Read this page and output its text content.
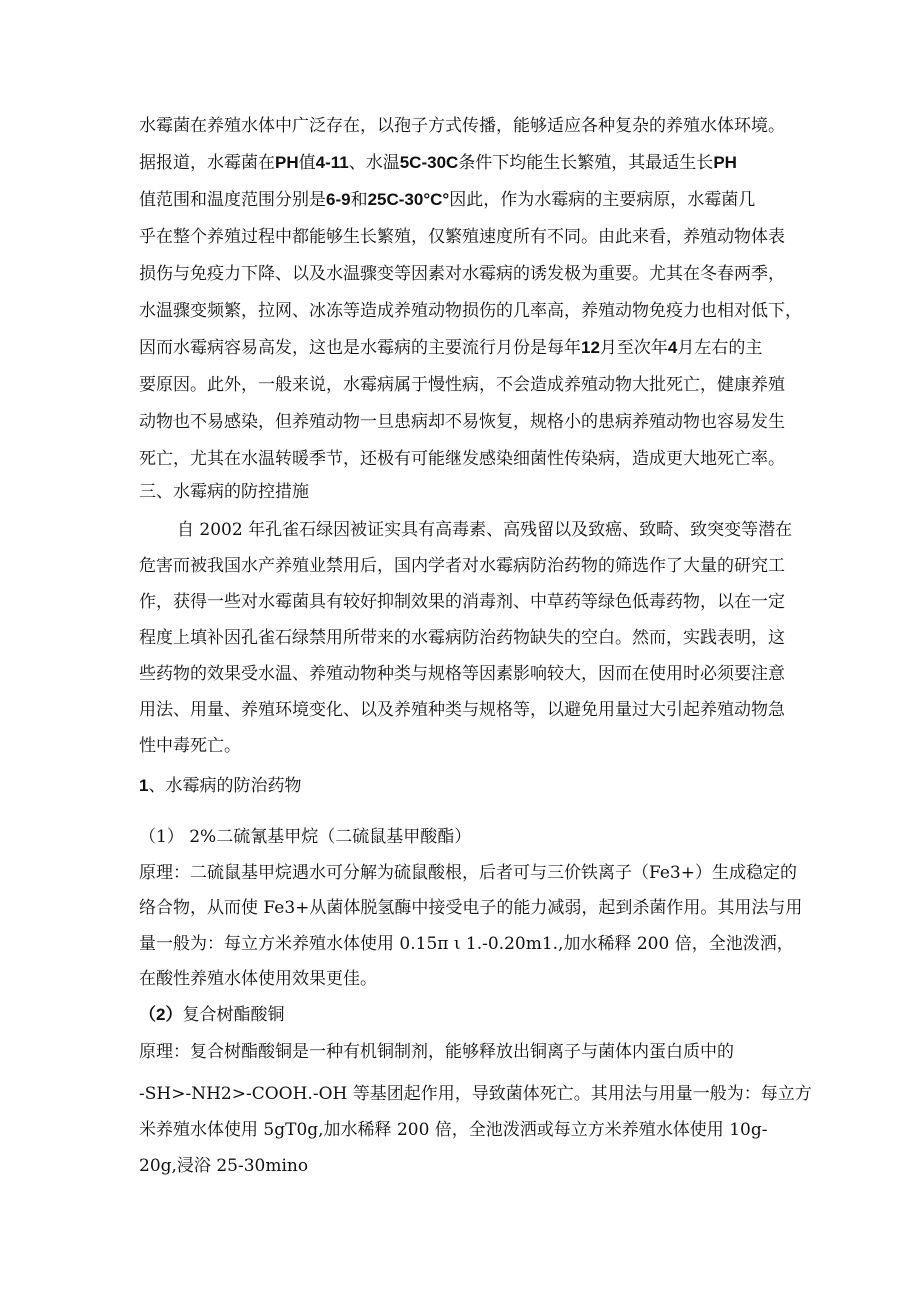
水霉菌在养殖水体中广泛存在，以孢子方式传播，能够适应各种复杂的养殖水体环境。

据报道，水霉菌在PH值4-11、水温5C-30C条件下均能生长繁殖，其最适生长PH

值范围和温度范围分别是6-9和25C-30°C°因此，作为水霉病的主要病原，水霉菌几

乎在整个养殖过程中都能够生长繁殖，仅繁殖速度所有不同。由此来看，养殖动物体表

损伤与免疫力下降、以及水温骤变等因素对水霉病的诱发极为重要。尤其在冬春两季，

水温骤变频繁，拉网、冰冻等造成养殖动物损伤的几率高，养殖动物免疫力也相对低下，

因而水霉病容易高发，这也是水霉病的主要流行月份是每年12月至次年4月左右的主

要原因。此外，一般来说，水霉病属于慢性病，不会造成养殖动物大批死亡，健康养殖

动物也不易感染，但养殖动物一旦患病却不易恢复，规格小的患病养殖动物也容易发生

死亡，尤其在水温转暖季节，还极有可能继发感染细菌性传染病，造成更大地死亡率。

三、水霉病的防控措施

自 2002 年孔雀石绿因被证实具有高毒素、高残留以及致癌、致畸、致突变等潜在

危害而被我国水产养殖业禁用后，国内学者对水霉病防治药物的筛选作了大量的研究工

作，获得一些对水霉菌具有较好抑制效果的消毒剂、中草药等绿色低毒药物，以在一定

程度上填补因孔雀石绿禁用所带来的水霉病防治药物缺失的空白。然而，实践表明，这

些药物的效果受水温、养殖动物种类与规格等因素影响较大，因而在使用时必须要注意

用法、用量、养殖环境变化、以及养殖种类与规格等，以避免用量过大引起养殖动物急

性中毒死亡。

1、水霉病的防治药物

（1） 2%二硫氰基甲烷（二硫鼠基甲酸酯）

原理：二硫鼠基甲烷遇水可分解为硫鼠酸根，后者可与三价铁离子（Fe3+）生成稳定的

络合物，从而使 Fe3+从菌体脱氢酶中接受电子的能力减弱，起到杀菌作用。其用法与用

量一般为：每立方米养殖水体使用 0.15π ι 1.-0.20m1.,加水稀释 200 倍，全池泼洒，

在酸性养殖水体使用效果更佳。

（2）复合树酯酸铜

原理：复合树酯酸铜是一种有机铜制剂，能够释放出铜离子与菌体内蛋白质中的

-SH>-NH2>-COOH.-OH 等基团起作用，导致菌体死亡。其用法与用量一般为：每立方

米养殖水体使用 5gT0g,加水稀释 200 倍，全池泼洒或每立方米养殖水体使用 10g-

20g,浸浴 25-30mino
